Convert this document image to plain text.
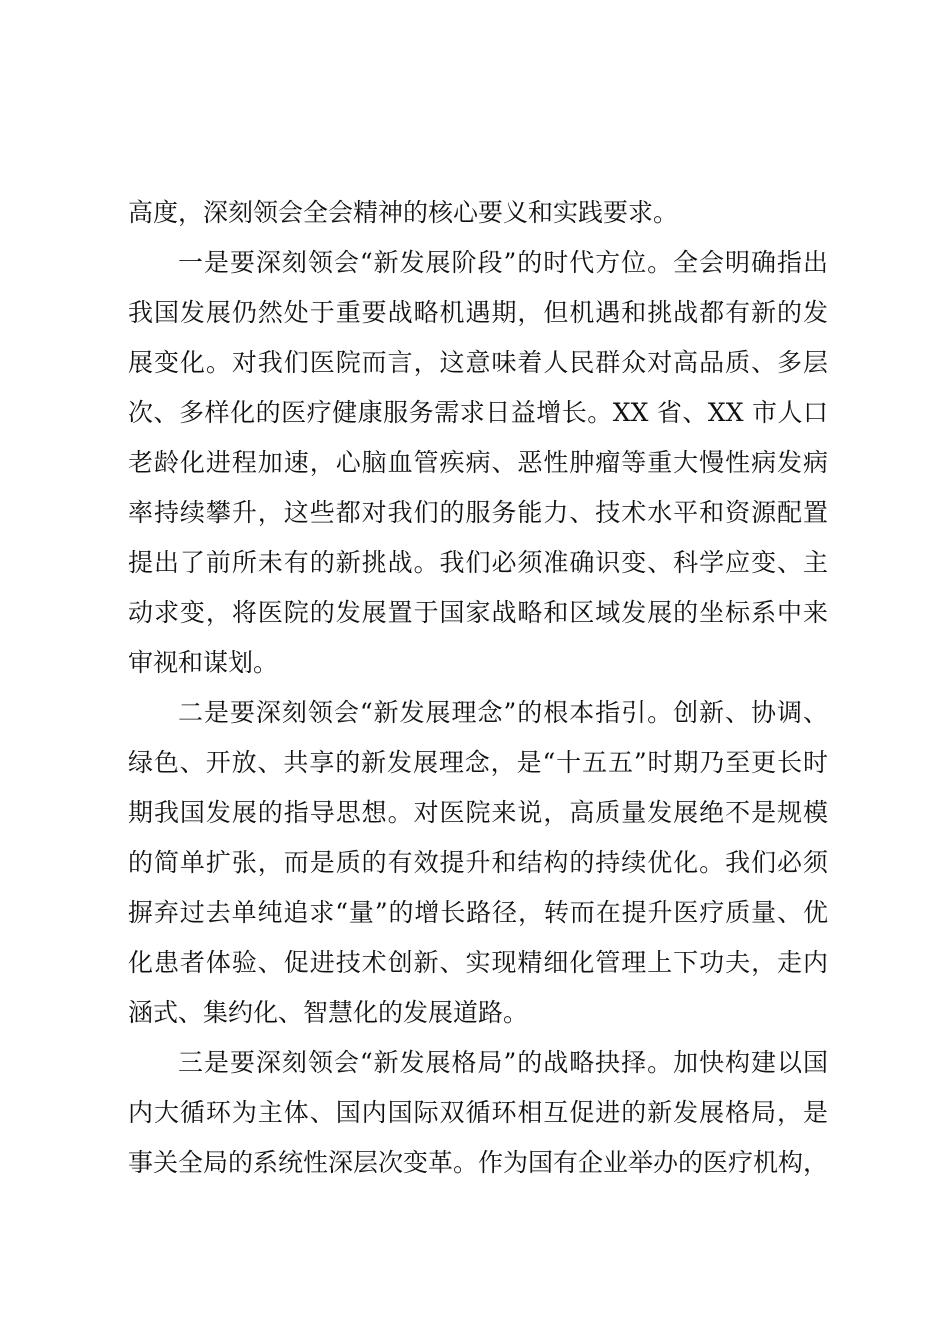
高度，深刻领会全会精神的核心要义和实践要求。
一是要深刻领会“新发展阶段”的时代方位。全会明确指出
我国发展仍然处于重要战略机遇期，但机遇和挑战都有新的发
展变化。对我们医院而言，这意味着人民群众对高品质、多层
次、多样化的医疗健康服务需求日益增长。XX 省、XX 市人口
老龄化进程加速，心脑血管疾病、恶性肿瘤等重大慢性病发病
率持续攀升，这些都对我们的服务能力、技术水平和资源配置
提出了前所未有的新挑战。我们必须准确识变、科学应变、主
动求变，将医院的发展置于国家战略和区域发展的坐标系中来
审视和谋划。
二是要深刻领会“新发展理念”的根本指引。创新、协调、
绿色、开放、共享的新发展理念，是“十五五”时期乃至更长时
期我国发展的指导思想。对医院来说，高质量发展绝不是规模
的简单扩张，而是质的有效提升和结构的持续优化。我们必须
摒弃过去单纯追求“量”的增长路径，转而在提升医疗质量、优
化患者体验、促进技术创新、实现精细化管理上下功夫，走内
涵式、集约化、智慧化的发展道路。
三是要深刻领会“新发展格局”的战略抉择。加快构建以国
内大循环为主体、国内国际双循环相互促进的新发展格局，是
事关全局的系统性深层次变革。作为国有企业举办的医疗机构，
